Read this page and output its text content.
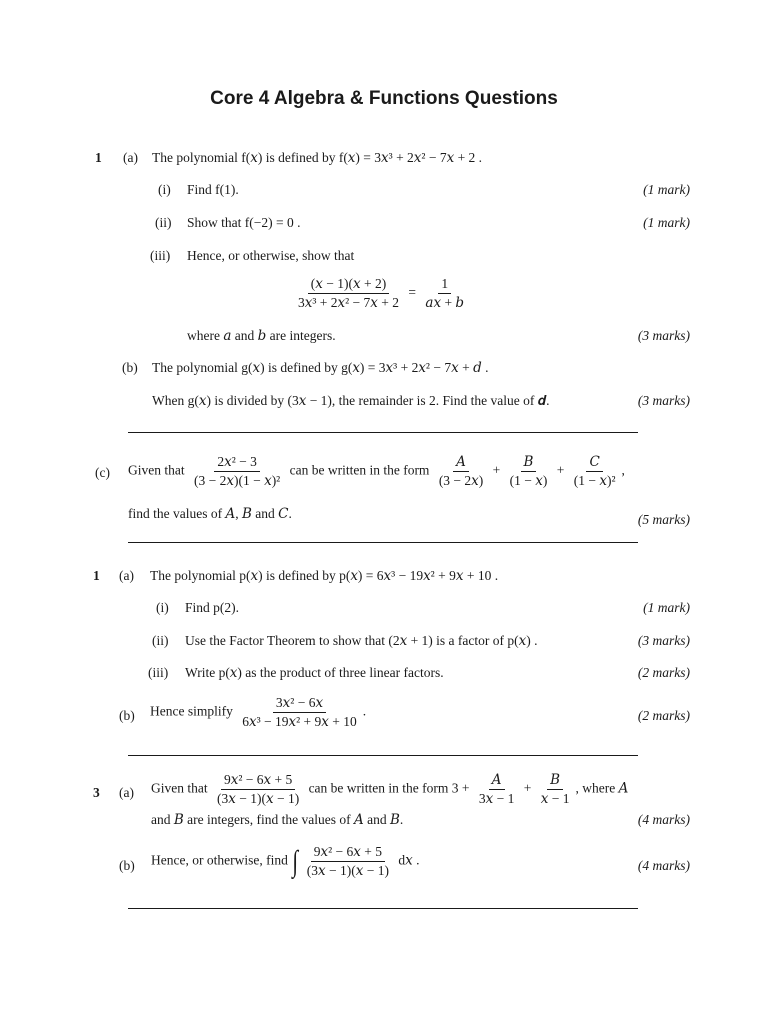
Core 4 Algebra & Functions Questions
1 (a) The polynomial f(𝑥) is defined by f(𝑥) = 3𝑥³ + 2𝑥² − 7𝑥 + 2 .
(i) Find f(1).	(1 mark)
(ii) Show that f(−2) = 0 .	(1 mark)
(iii) Hence, or otherwise, show that
$\frac{\text{(𝑥 − 1)(𝑥 + 2)}}{\text{3𝑥³ + 2𝑥² − 7𝑥 + 2}} = \frac{1}{\text{𝑎𝑥 + 𝑏}}$
where 𝑎 and 𝑏 are integers.	(3 marks)
(b) The polynomial g(𝑥) is defined by g(𝑥) = 3𝑥³ + 2𝑥² − 7𝑥 + 𝑑 .
When g(𝑥) is divided by (3𝑥 − 1), the remainder is 2. Find the value of 𝒅.	(3 marks)
(c) Given that $\frac{\text{2𝑥² − 3}}{\text{(3 − 2𝑥)(1 − 𝑥)²}}$ can be written in the form $\frac{\text{𝐴}}{\text{(3 − 2𝑥)}} + \frac{\text{𝐵}}{\text{(1 − 𝑥)}} + \frac{\text{𝐶}}{\text{(1 − 𝑥)²}}$ ,
find the values of 𝐴, 𝐵 and 𝐶.	(5 marks)
1 (a) The polynomial p(𝑥) is defined by p(𝑥) = 6𝑥³ − 19𝑥² + 9𝑥 + 10 .
(i) Find p(2).	(1 mark)
(ii) Use the Factor Theorem to show that (2𝑥 + 1) is a factor of p(𝑥) .	(3 marks)
(iii) Write p(𝑥) as the product of three linear factors.	(2 marks)
(b) Hence simplify $\frac{\text{3𝑥² − 6𝑥}}{\text{6𝑥³ − 19𝑥² + 9𝑥 + 10}}$ .	(2 marks)
3 (a) Given that $\frac{\text{9𝑥² − 6𝑥 + 5}}{\text{(3𝑥 − 1)(𝑥 − 1)}}$ can be written in the form $3 + \frac{\text{𝐴}}{\text{3𝑥 − 1}} + \frac{\text{𝐵}}{\text{𝑥 − 1}}$ , where 𝐴
and 𝐵 are integers, find the values of 𝐴 and 𝐵.	(4 marks)
(b) Hence, or otherwise, find ∫ $\frac{\text{9𝑥² − 6𝑥 + 5}}{\text{(3𝑥 − 1)(𝑥 − 1)}}$ d𝑥 .	(4 marks)
